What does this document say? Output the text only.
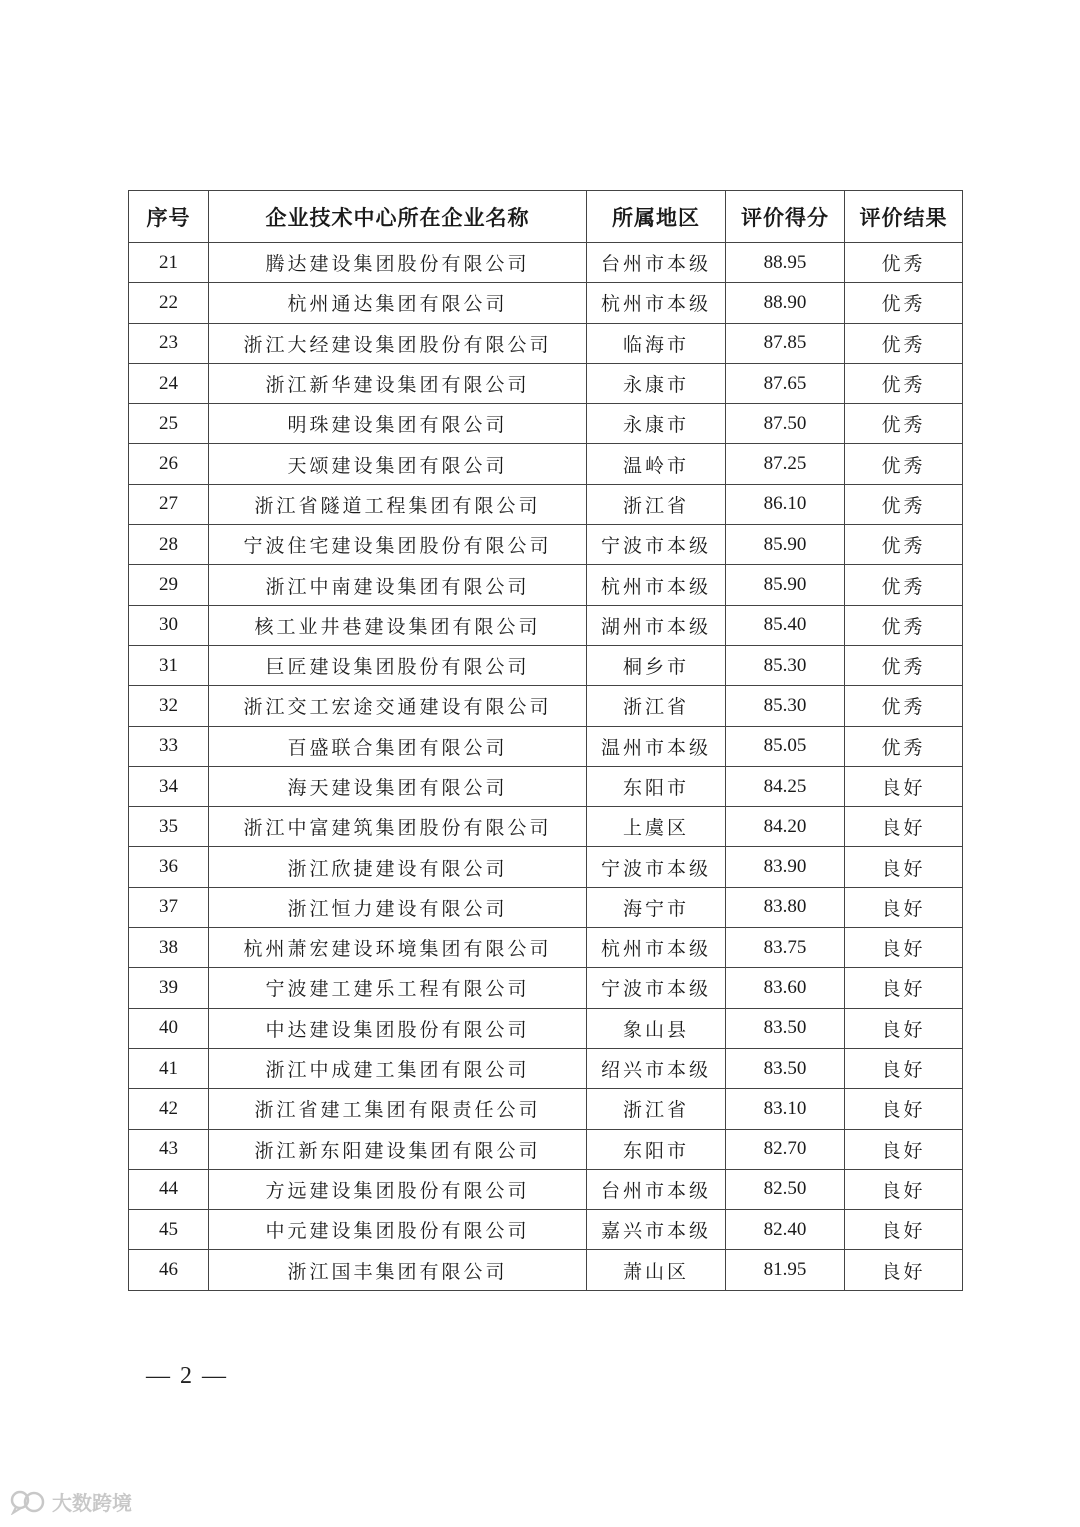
序号	企业技术中心所在企业名称	所属地区	评价得分	评价结果
21	腾达建设集团股份有限公司	台州市本级	88.95	优秀
22	杭州通达集团有限公司	杭州市本级	88.90	优秀
23	浙江大经建设集团股份有限公司	临海市	87.85	优秀
24	浙江新华建设集团有限公司	永康市	87.65	优秀
25	明珠建设集团有限公司	永康市	87.50	优秀
26	天颂建设集团有限公司	温岭市	87.25	优秀
27	浙江省隧道工程集团有限公司	浙江省	86.10	优秀
28	宁波住宅建设集团股份有限公司	宁波市本级	85.90	优秀
29	浙江中南建设集团有限公司	杭州市本级	85.90	优秀
30	核工业井巷建设集团有限公司	湖州市本级	85.40	优秀
31	巨匠建设集团股份有限公司	桐乡市	85.30	优秀
32	浙江交工宏途交通建设有限公司	浙江省	85.30	优秀
33	百盛联合集团有限公司	温州市本级	85.05	优秀
34	海天建设集团有限公司	东阳市	84.25	良好
35	浙江中富建筑集团股份有限公司	上虞区	84.20	良好
36	浙江欣捷建设有限公司	宁波市本级	83.90	良好
37	浙江恒力建设有限公司	海宁市	83.80	良好
38	杭州萧宏建设环境集团有限公司	杭州市本级	83.75	良好
39	宁波建工建乐工程有限公司	宁波市本级	83.60	良好
40	中达建设集团股份有限公司	象山县	83.50	良好
41	浙江中成建工集团有限公司	绍兴市本级	83.50	良好
42	浙江省建工集团有限责任公司	浙江省	83.10	良好
43	浙江新东阳建设集团有限公司	东阳市	82.70	良好
44	方远建设集团股份有限公司	台州市本级	82.50	良好
45	中元建设集团股份有限公司	嘉兴市本级	82.40	良好
46	浙江国丰集团有限公司	萧山区	81.95	良好
— 2 —
大数跨境
